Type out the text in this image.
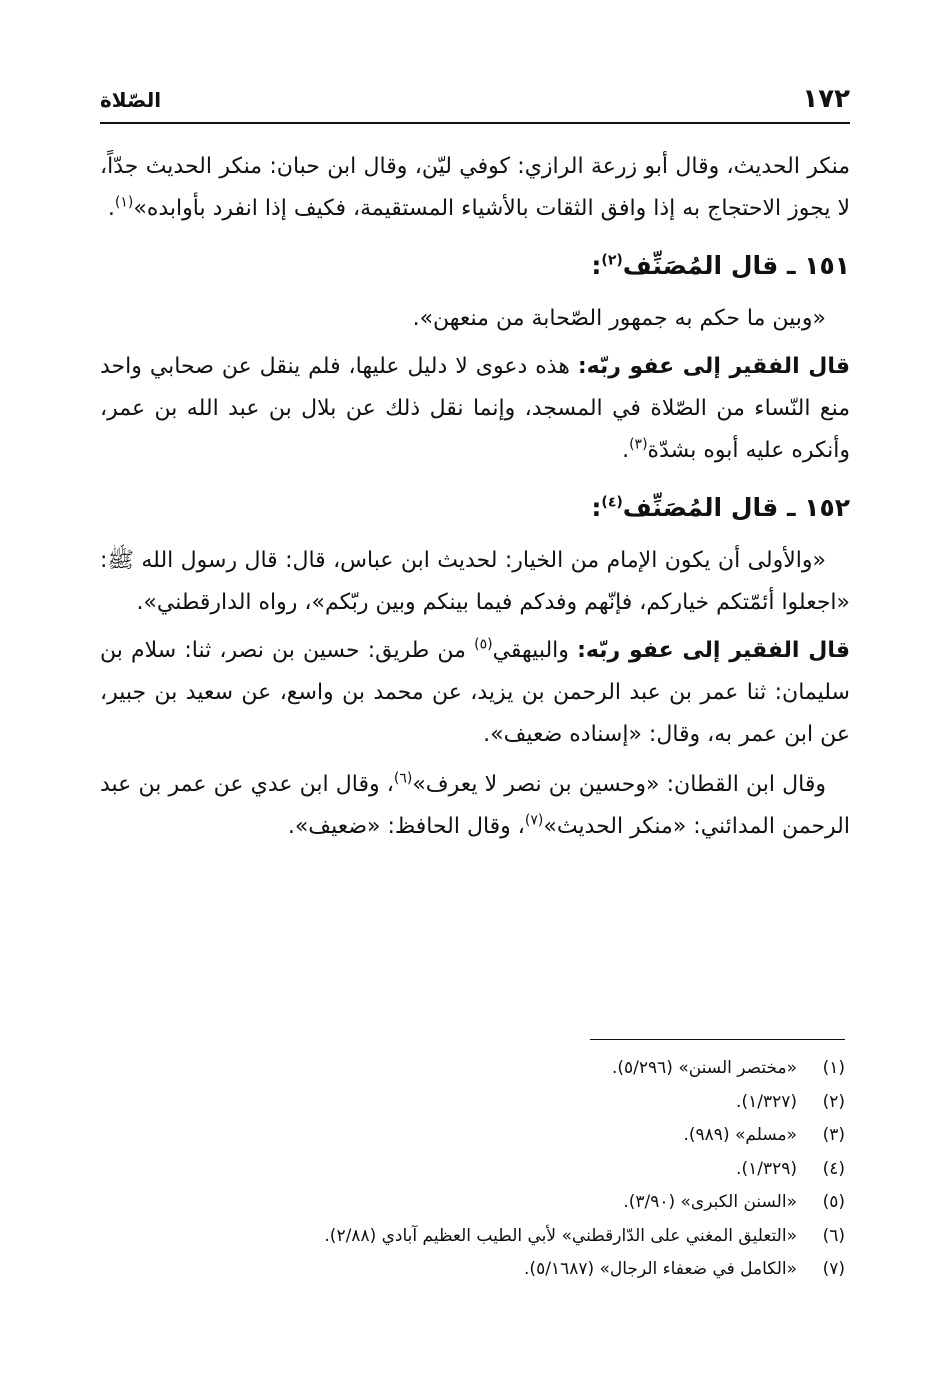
١٧٢
الصّلاة

منكر الحديث، وقال أبو زرعة الرازي: كوفي ليّن، وقال ابن حبان: منكر الحديث جدّاً، لا يجوز الاحتجاج به إذا وافق الثقات بالأشياء المستقيمة، فكيف إذا انفرد بأوابده»$^{(١)}$.

١٥١ ـ قال المُصَنِّف$^{(٢)}$:

«وبين ما حكم به جمهور الصّحابة من منعهن».

قال الفقير إلى عفو ربّه: هذه دعوى لا دليل عليها، فلم ينقل عن صحابي واحد منع النّساء من الصّلاة في المسجد، وإنما نقل ذلك عن بلال بن عبد الله بن عمر، وأنكره عليه أبوه بشدّة$^{(٣)}$.

١٥٢ ـ قال المُصَنِّف$^{(٤)}$:

«والأولى أن يكون الإمام من الخيار: لحديث ابن عباس، قال: قال رسول الله ﷺ: «اجعلوا أئمّتكم خياركم، فإنّهم وفدكم فيما بينكم وبين ربّكم»، رواه الدارقطني».

قال الفقير إلى عفو ربّه: والبيهقي$^{(٥)}$ من طريق: حسين بن نصر، ثنا: سلام بن سليمان: ثنا عمر بن عبد الرحمن بن يزيد، عن محمد بن واسع، عن سعيد بن جبير، عن ابن عمر به، وقال: «إسناده ضعيف».

وقال ابن القطان: «وحسين بن نصر لا يعرف»$^{(٦)}$، وقال ابن عدي عن عمر بن عبد الرحمن المدائني: «منكر الحديث»$^{(٧)}$، وقال الحافظ: «ضعيف».

(١)
«مختصر السنن» (٥/٢٩٦).
(٢)
(١/٣٢٧).
(٣)
«مسلم» (٩٨٩).
(٤)
(١/٣٢٩).
(٥)
«السنن الكبرى» (٣/٩٠).
(٦)
«التعليق المغني على الدّارقطني» لأبي الطيب العظيم آبادي (٢/٨٨).
(٧)
«الكامل في ضعفاء الرجال» (٥/١٦٨٧).
